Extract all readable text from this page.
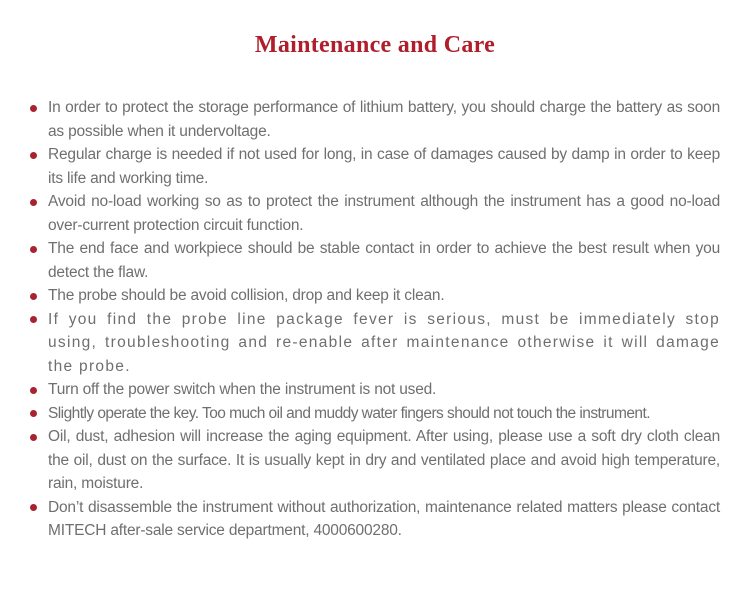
Maintenance and Care
In order to protect the storage performance of lithium battery, you should charge the battery as soon as possible when it undervoltage.
Regular charge is needed if not used for long, in case of damages caused by damp in order to keep its life and working time.
Avoid no-load working so as to protect the instrument although the instrument has a good no-load over-current protection circuit function.
The end face and workpiece should be stable contact in order to achieve the best result when you detect the flaw.
The probe should be avoid collision, drop and keep it clean.
If you find the probe line package fever is serious, must be immediately stop using, troubleshooting and re-enable after maintenance otherwise it will damage the probe.
Turn off the power switch when the instrument is not used.
Slightly operate the key. Too much oil and muddy water fingers should not touch the instrument.
Oil, dust, adhesion will increase the aging equipment. After using, please use a soft dry cloth clean the oil, dust on the surface. It is usually kept in dry and ventilated place and avoid high temperature, rain, moisture.
Don’t disassemble the instrument without authorization, maintenance related matters please contact MITECH after-sale service department, 4000600280.
